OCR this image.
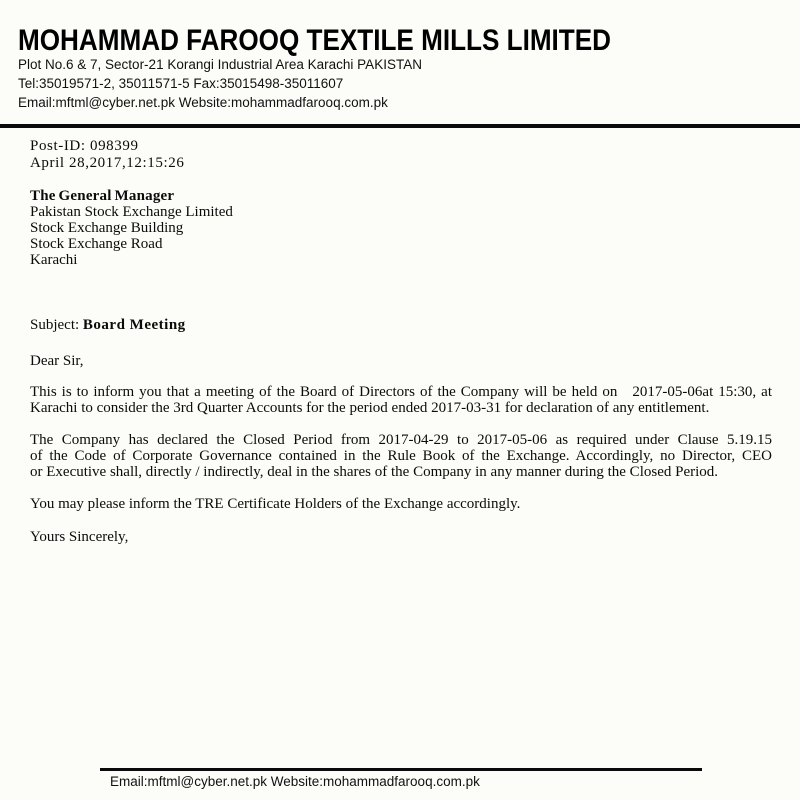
MOHAMMAD FAROOQ TEXTILE MILLS LIMITED
Plot No.6 & 7, Sector-21 Korangi Industrial Area Karachi PAKISTAN
Tel:35019571-2, 35011571-5 Fax:35015498-35011607
Email:mftml@cyber.net.pk Website:mohammadfarooq.com.pk
Post-ID: 098399
April 28,2017,12:15:26
The General Manager
Pakistan Stock Exchange Limited
Stock Exchange Building
Stock Exchange Road
Karachi
Subject: Board Meeting
Dear Sir,
This is to inform you that a meeting of the Board of Directors of the Company will be held on   2017-05-06at 15:30, at
Karachi to consider the 3rd Quarter Accounts for the period ended 2017-03-31 for declaration of any entitlement.
The Company has declared the Closed Period from 2017-04-29 to 2017-05-06 as required under Clause 5.19.15
of the Code of Corporate Governance contained in the Rule Book of the Exchange. Accordingly, no Director, CEO
or Executive shall, directly / indirectly, deal in the shares of the Company in any manner during the Closed Period.
You may please inform the TRE Certificate Holders of the Exchange accordingly.
Yours Sincerely,
Email:mftml@cyber.net.pk Website:mohammadfarooq.com.pk
